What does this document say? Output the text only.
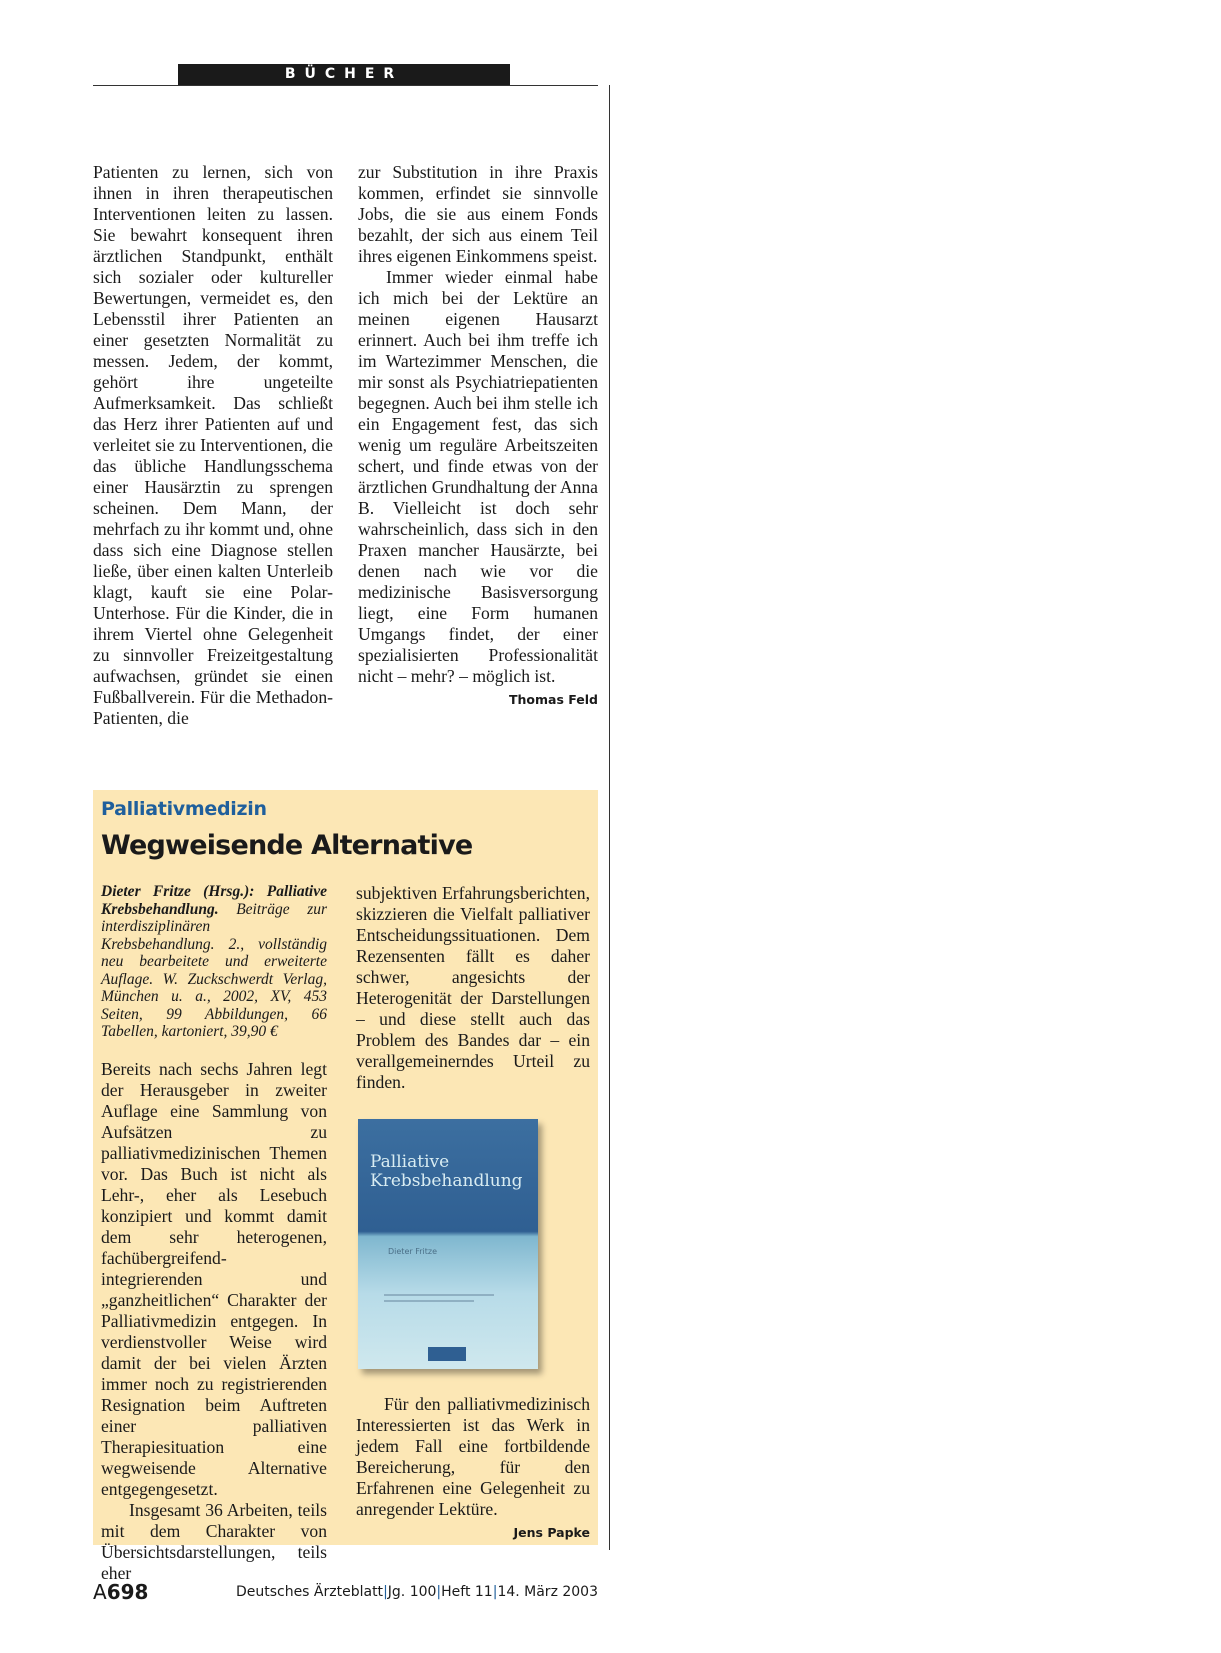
BÜCHER

Patienten zu lernen, sich von ihnen in ihren therapeutischen Interventionen leiten zu lassen. Sie bewahrt konsequent ihren ärztlichen Standpunkt, enthält sich sozialer oder kultureller Bewertungen, vermeidet es, den Lebensstil ihrer Patienten an einer gesetzten Normalität zu messen. Jedem, der kommt, gehört ihre ungeteilte Aufmerksamkeit. Das schließt das Herz ihrer Patienten auf und verleitet sie zu Interventionen, die das übliche Handlungsschema einer Hausärztin zu sprengen scheinen. Dem Mann, der mehrfach zu ihr kommt und, ohne dass sich eine Diagnose stellen ließe, über einen kalten Unterleib klagt, kauft sie eine Polar-Unterhose. Für die Kinder, die in ihrem Viertel ohne Gelegenheit zu sinnvoller Freizeitgestaltung aufwachsen, gründet sie einen Fußballverein. Für die Methadon-Patienten, die

zur Substitution in ihre Praxis kommen, erfindet sie sinnvolle Jobs, die sie aus einem Fonds bezahlt, der sich aus einem Teil ihres eigenen Einkommens speist.

Immer wieder einmal habe ich mich bei der Lektüre an meinen eigenen Hausarzt erinnert. Auch bei ihm treffe ich im Wartezimmer Menschen, die mir sonst als Psychiatriepatienten begegnen. Auch bei ihm stelle ich ein Engagement fest, das sich wenig um reguläre Arbeitszeiten schert, und finde etwas von der ärztlichen Grundhaltung der Anna B. Vielleicht ist doch sehr wahrscheinlich, dass sich in den Praxen mancher Hausärzte, bei denen nach wie vor die medizinische Basisversorgung liegt, eine Form humanen Umgangs findet, der einer spezialisierten Professionalität nicht – mehr? – möglich ist.
Thomas Feld

Palliativmedizin
Wegweisende Alternative

Dieter Fritze (Hrsg.): Palliative Krebsbehandlung. Beiträge zur interdisziplinären Krebsbehandlung. 2., vollständig neu bearbeitete und erweiterte Auflage. W. Zuckschwerdt Verlag, München u. a., 2002, XV, 453 Seiten, 99 Abbildungen, 66 Tabellen, kartoniert, 39,90 €

Bereits nach sechs Jahren legt der Herausgeber in zweiter Auflage eine Sammlung von Aufsätzen zu palliativmedizinischen Themen vor. Das Buch ist nicht als Lehr-, eher als Lesebuch konzipiert und kommt damit dem sehr heterogenen, fachübergreifend-integrierenden und „ganzheitlichen“ Charakter der Palliativmedizin entgegen. In verdienstvoller Weise wird damit der bei vielen Ärzten immer noch zu registrierenden Resignation beim Auftreten einer palliativen Therapiesituation eine wegweisende Alternative entgegengesetzt.

Insgesamt 36 Arbeiten, teils mit dem Charakter von Übersichtsdarstellungen, teils eher

subjektiven Erfahrungsberichten, skizzieren die Vielfalt palliativer Entscheidungssituationen. Dem Rezensenten fällt es daher schwer, angesichts der Heterogenität der Darstellungen – und diese stellt auch das Problem des Bandes dar – ein verallgemeinerndes Urteil zu finden.

Palliative Krebsbehandlung
Dieter Fritze

Für den palliativmedizinisch Interessierten ist das Werk in jedem Fall eine fortbildende Bereicherung, für den Erfahrenen eine Gelegenheit zu anregender Lektüre.
Jens Papke

A698	Deutsches Ärzteblatt|Jg. 100|Heft 11|14. März 2003
